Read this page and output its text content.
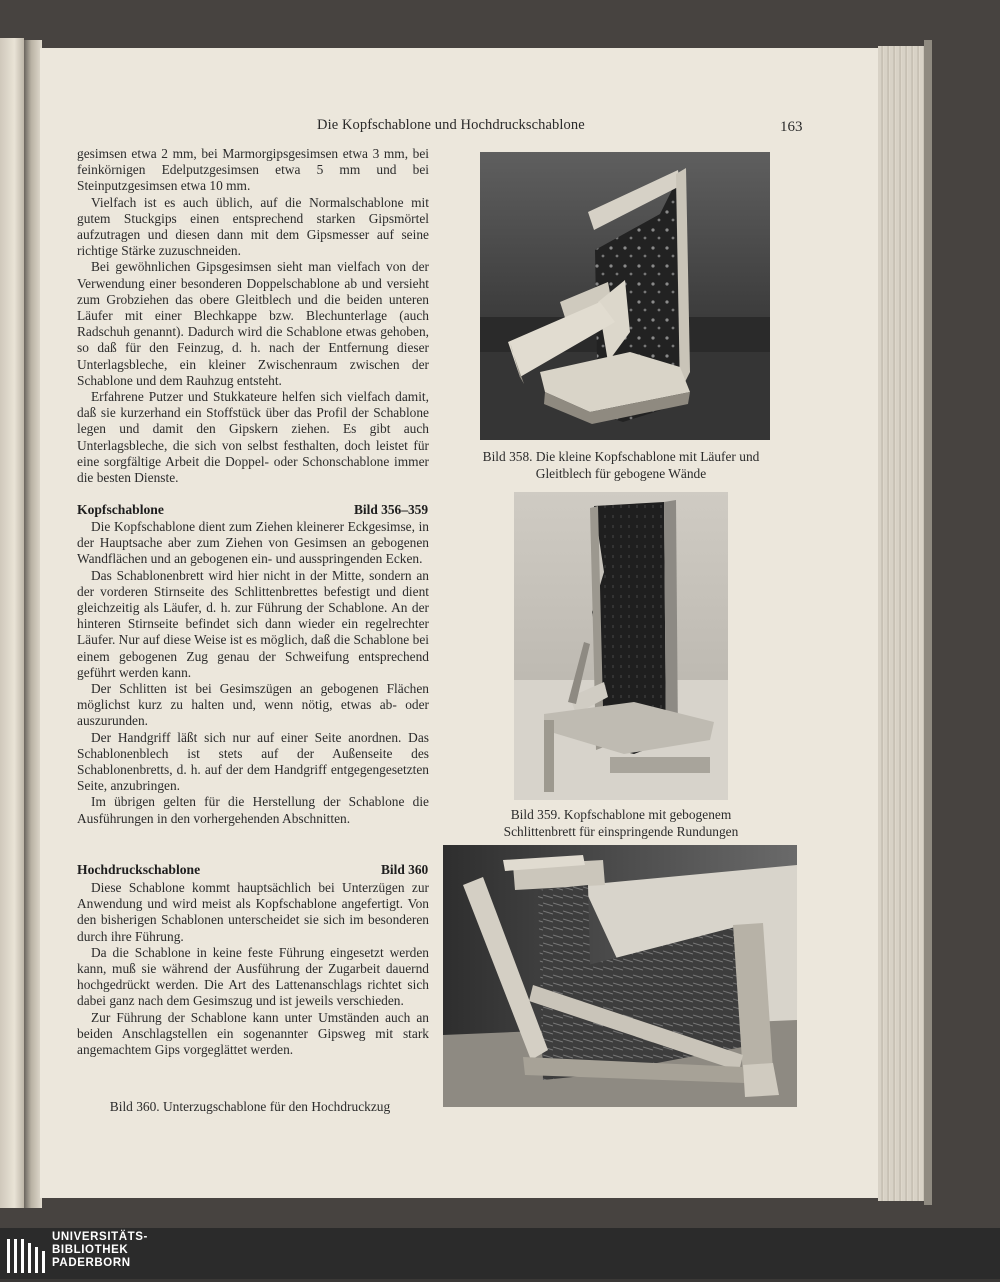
Die Kopfschablone und Hochdruckschablone	163

gesimsen etwa 2 mm, bei Marmorgipsgesimsen etwa 3 mm, bei feinkörnigen Edelputzgesimsen etwa 5 mm und bei Steinputzgesimsen etwa 10 mm.

Vielfach ist es auch üblich, auf die Normalschablone mit gutem Stuckgips einen entsprechend starken Gipsmörtel aufzutragen und diesen dann mit dem Gipsmesser auf seine richtige Stärke zuzuschneiden.

Bei gewöhnlichen Gipsgesimsen sieht man vielfach von der Verwendung einer besonderen Doppelschablone ab und versieht zum Grobziehen das obere Gleitblech und die beiden unteren Läufer mit einer Blechkappe bzw. Blechunterlage (auch Radschuh genannt). Dadurch wird die Schablone etwas gehoben, so daß für den Feinzug, d. h. nach der Entfernung dieser Unterlagsbleche, ein kleiner Zwischenraum zwischen der Schablone und dem Rauhzug entsteht.

Erfahrene Putzer und Stukkateure helfen sich vielfach damit, daß sie kurzerhand ein Stoffstück über das Profil der Schablone legen und damit den Gipskern ziehen. Es gibt auch Unterlagsbleche, die sich von selbst festhalten, doch leistet für eine sorgfältige Arbeit die Doppel- oder Schonschablone immer die besten Dienste.

Kopfschablone	Bild 356–359

Die Kopfschablone dient zum Ziehen kleinerer Eckgesimse, in der Hauptsache aber zum Ziehen von Gesimsen an gebogenen Wandflächen und an gebogenen ein- und ausspringenden Ecken.

Das Schablonenbrett wird hier nicht in der Mitte, sondern an der vorderen Stirnseite des Schlittenbrettes befestigt und dient gleichzeitig als Läufer, d. h. zur Führung der Schablone. An der hinteren Stirnseite befindet sich dann wieder ein regelrechter Läufer. Nur auf diese Weise ist es möglich, daß die Schablone bei einem gebogenen Zug genau der Schweifung entsprechend geführt werden kann.

Der Schlitten ist bei Gesimszügen an gebogenen Flächen möglichst kurz zu halten und, wenn nötig, etwas ab- oder auszurunden.

Der Handgriff läßt sich nur auf einer Seite anordnen. Das Schablonenblech ist stets auf der Außenseite des Schablonenbretts, d. h. auf der dem Handgriff entgegengesetzten Seite, anzubringen.

Im übrigen gelten für die Herstellung der Schablone die Ausführungen in den vorhergehenden Abschnitten.

Hochdruckschablone	Bild 360

Diese Schablone kommt hauptsächlich bei Unterzügen zur Anwendung und wird meist als Kopfschablone angefertigt. Von den bisherigen Schablonen unterscheidet sie sich im besonderen durch ihre Führung.

Da die Schablone in keine feste Führung eingesetzt werden kann, muß sie während der Ausführung der Zugarbeit dauernd hochgedrückt werden. Die Art des Lattenanschlags richtet sich dabei ganz nach dem Gesimszug und ist jeweils verschieden.

Zur Führung der Schablone kann unter Umständen auch an beiden Anschlagstellen ein sogenannter Gipsweg mit stark angemachtem Gips vorgeglättet werden.

Bild 358. Die kleine Kopfschablone mit Läufer und
Gleitblech für gebogene Wände
Bild 359. Kopfschablone mit gebogenem
Schlittenbrett für einspringende Rundungen
Bild 360. Unterzugschablone für den Hochdruckzug
UNIVERSITÄTS-
BIBLIOTHEK
PADERBORN
